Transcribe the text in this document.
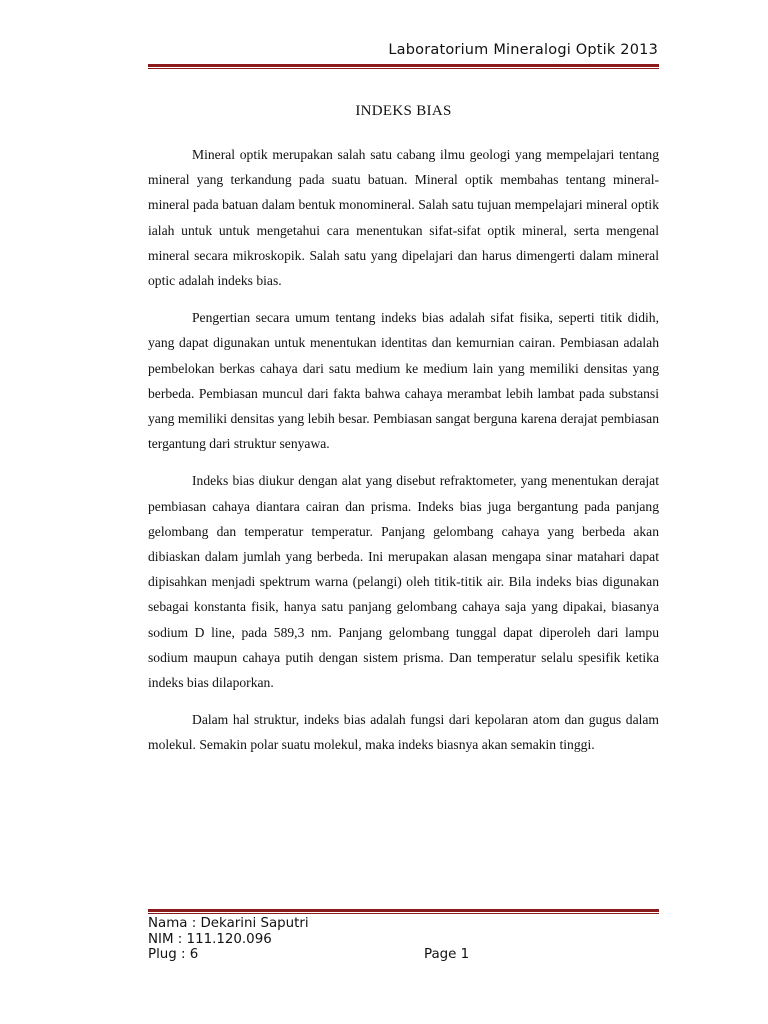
Laboratorium Mineralogi Optik 2013
INDEKS BIAS

Mineral optik merupakan salah satu cabang ilmu geologi yang mempelajari tentang mineral yang terkandung pada suatu batuan. Mineral optik membahas tentang mineral- mineral pada batuan dalam bentuk monomineral. Salah satu tujuan mempelajari mineral optik ialah untuk untuk mengetahui cara menentukan sifat-sifat optik mineral, serta mengenal mineral secara mikroskopik. Salah satu yang dipelajari dan harus dimengerti dalam mineral optic adalah indeks bias.

Pengertian secara umum tentang indeks bias adalah sifat fisika, seperti titik didih, yang dapat digunakan untuk menentukan identitas dan kemurnian cairan. Pembiasan adalah pembelokan berkas cahaya dari satu medium ke medium lain yang memiliki densitas yang berbeda. Pembiasan muncul dari fakta bahwa cahaya merambat lebih lambat pada substansi yang memiliki densitas yang lebih besar. Pembiasan sangat berguna karena derajat pembiasan tergantung dari struktur senyawa.

Indeks bias diukur dengan alat yang disebut refraktometer, yang menentukan derajat pembiasan cahaya diantara cairan dan prisma. Indeks bias juga bergantung pada panjang gelombang dan temperatur temperatur. Panjang gelombang cahaya yang berbeda akan dibiaskan dalam jumlah yang berbeda. Ini merupakan alasan mengapa sinar matahari dapat dipisahkan menjadi spektrum warna (pelangi) oleh titik-titik air. Bila indeks bias digunakan sebagai konstanta fisik, hanya satu panjang gelombang cahaya saja yang dipakai, biasanya sodium D line, pada 589,3 nm. Panjang gelombang tunggal dapat diperoleh dari lampu sodium maupun cahaya putih dengan sistem prisma. Dan temperatur selalu spesifik ketika indeks bias dilaporkan.

Dalam hal struktur, indeks bias adalah fungsi dari kepolaran atom dan gugus dalam molekul. Semakin polar suatu molekul, maka indeks biasnya akan semakin tinggi.

Nama : Dekarini Saputri
NIM : 111.120.096
Plug : 6	Page 1
